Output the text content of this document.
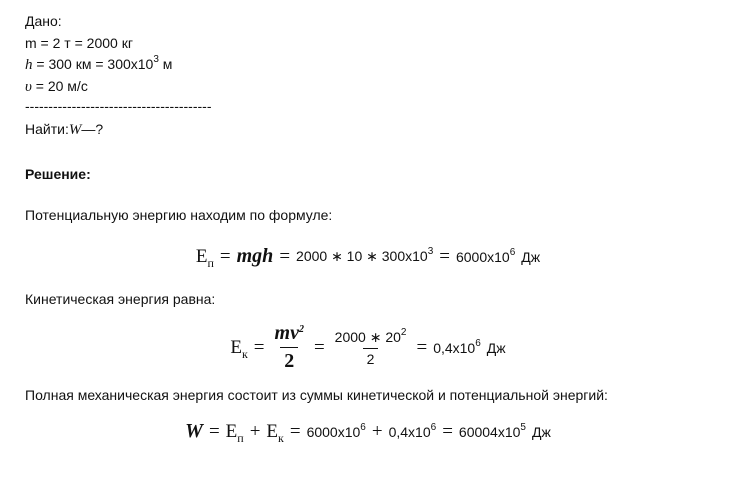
Дано:
m = 2 т = 2000 кг
h = 300 км = $300х10^3$ м
υ = 20 м/с
----------------------------------------
Найти:W—?
Решение:
Потенциальную энергию находим по формуле:
$E_п$ = mgh = 2000 ∗ 10 ∗ $300х10^3 = 6000х10^6$ Дж
Кинетическая энергия равна:
$E_к = \frac{mv^2}{2} = \frac{2000 ∗ 20^2}{2} = 0,4х10^6$ Дж
Полная механическая энергия состоит из суммы кинетической и потенциальной энергий:
$W = E_п + E_к = 6000х10^6 + 0,4х10^6 = 60004х10^5$ Дж
